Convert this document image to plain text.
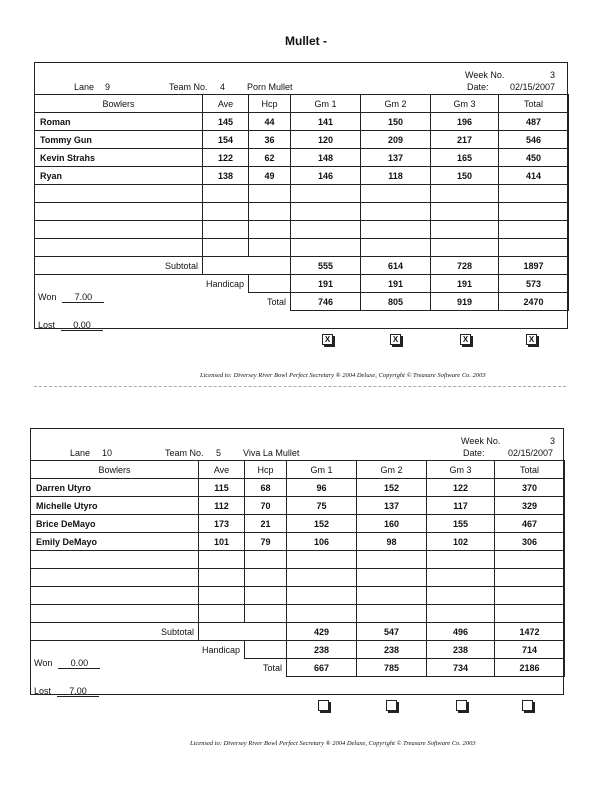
Mullet -
Week No.	3
Lane 9	Team No. 4 Porn Mullet	Date: 02/15/2007
Bowlers	Ave	Hcp	Gm 1	Gm 2	Gm 3	Total
Roman	145	44	141	150	196	487
Tommy Gun	154	36	120	209	217	546
Kevin Strahs	122	62	148	137	165	450
Ryan	138	49	146	118	150	414

Subtotal			555	614	728	1897
Handicap			191	191	191	573
Total			746	805	919	2470
Won 7.00
Lost 0.00
X	X	X	X
Licensed to: Diversey River Bowl Perfect Secretary ® 2004 Deluxe, Copyright © Treasure Software Co. 2003
Week No.	3
Lane 10	Team No. 5 Viva La Mullet	Date:	02/15/2007
Bowlers	Ave	Hcp	Gm 1	Gm 2	Gm 3	Total
Darren Utyro	115	68	96	152	122	370
Michelle Utyro	112	70	75	137	117	329
Brice DeMayo	173	21	152	160	155	467
Emily DeMayo	101	79	106	98	102	306

Subtotal			429	547	496	1472
Handicap			238	238	238	714
Total			667	785	734	2186
Won 0.00
Lost 7.00
Licensed to: Diversey River Bowl Perfect Secretary ® 2004 Deluxe, Copyright © Treasure Software Co. 2003
